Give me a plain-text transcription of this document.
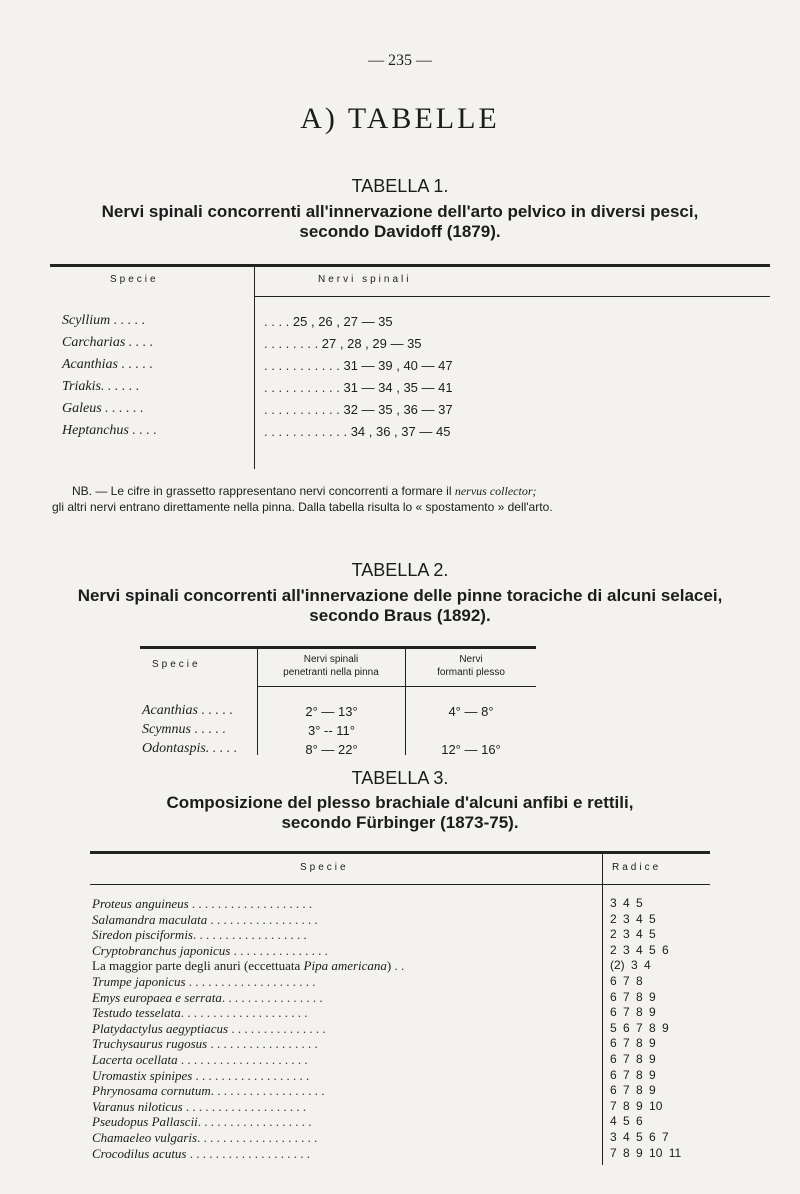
— 235 —
A) TABELLE
TABELLA 1.
Nervi spinali concorrenti all'innervazione dell'arto pelvico in diversi pesci,
secondo Davidoff (1879).
Specie	Nervi spinali
Scyllium . . . . .	. . . . 25 , 26 , 27 — 35
Carcharias . . . .	. . . . . . . . 27 , 28 , 29 — 35
Acanthias . . . . .	. . . . . . . . . . . 31 — 39 , 40 — 47
Triakis. . . . . .	. . . . . . . . . . . 31 — 34 , 35 — 41
Galeus . . . . . .	. . . . . . . . . . . 32 — 35 , 36 — 37
Heptanchus . . . .	. . . . . . . . . . . . 34 , 36 , 37 — 45
NB. — Le cifre in grassetto rappresentano nervi concorrenti a formare il nervus collector;
gli altri nervi entrano direttamente nella pinna. Dalla tabella risulta lo « spostamento » dell'arto.
TABELLA 2.
Nervi spinali concorrenti all'innervazione delle pinne toraciche di alcuni selacei,
secondo Braus (1892).
Specie	Nervi spinali
penetranti nella pinna
Nervi
formanti plesso
Acanthias . . . . .	2° — 13°	4° — 8°
Scymnus . . . . .	3° -- 11°
Odontaspis. . . . .	8° — 22°	12° — 16°
TABELLA 3.
Composizione del plesso brachiale d'alcuni anfibi e rettili,
secondo Fürbinger (1873-75).
Specie	Radice
Proteus anguineus . . . . . . . . . . . . . . . . . . .	3 4 5
Salamandra maculata . . . . . . . . . . . . . . . . .	2 3 4 5
Siredon pisciformis. . . . . . . . . . . . . . . . . .	2 3 4 5
Cryptobranchus japonicus . . . . . . . . . . . . . . .	2 3 4 5 6
La maggior parte degli anuri (eccettuata Pipa americana) . .	(2) 3 4
Trumpe japonicus . . . . . . . . . . . . . . . . . . . .	6 7 8
Emys europaea e serrata. . . . . . . . . . . . . . . .	6 7 8 9
Testudo tesselata. . . . . . . . . . . . . . . . . . . .	6 7 8 9
Platydactylus aegyptiacus . . . . . . . . . . . . . . .	5 6 7 8 9
Truchysaurus rugosus . . . . . . . . . . . . . . . . .	6 7 8 9
Lacerta ocellata . . . . . . . . . . . . . . . . . . . .	6 7 8 9
Uromastix spinipes . . . . . . . . . . . . . . . . . .	6 7 8 9
Phrynosama cornutum. . . . . . . . . . . . . . . . . .	6 7 8 9
Varanus niloticus . . . . . . . . . . . . . . . . . . .	7 8 9 10
Pseudopus Pallascii. . . . . . . . . . . . . . . . . .	4 5 6
Chamaeleo vulgaris. . . . . . . . . . . . . . . . . . .	3 4 5 6 7
Crocodilus acutus . . . . . . . . . . . . . . . . . . .	7 8 9 10 11
